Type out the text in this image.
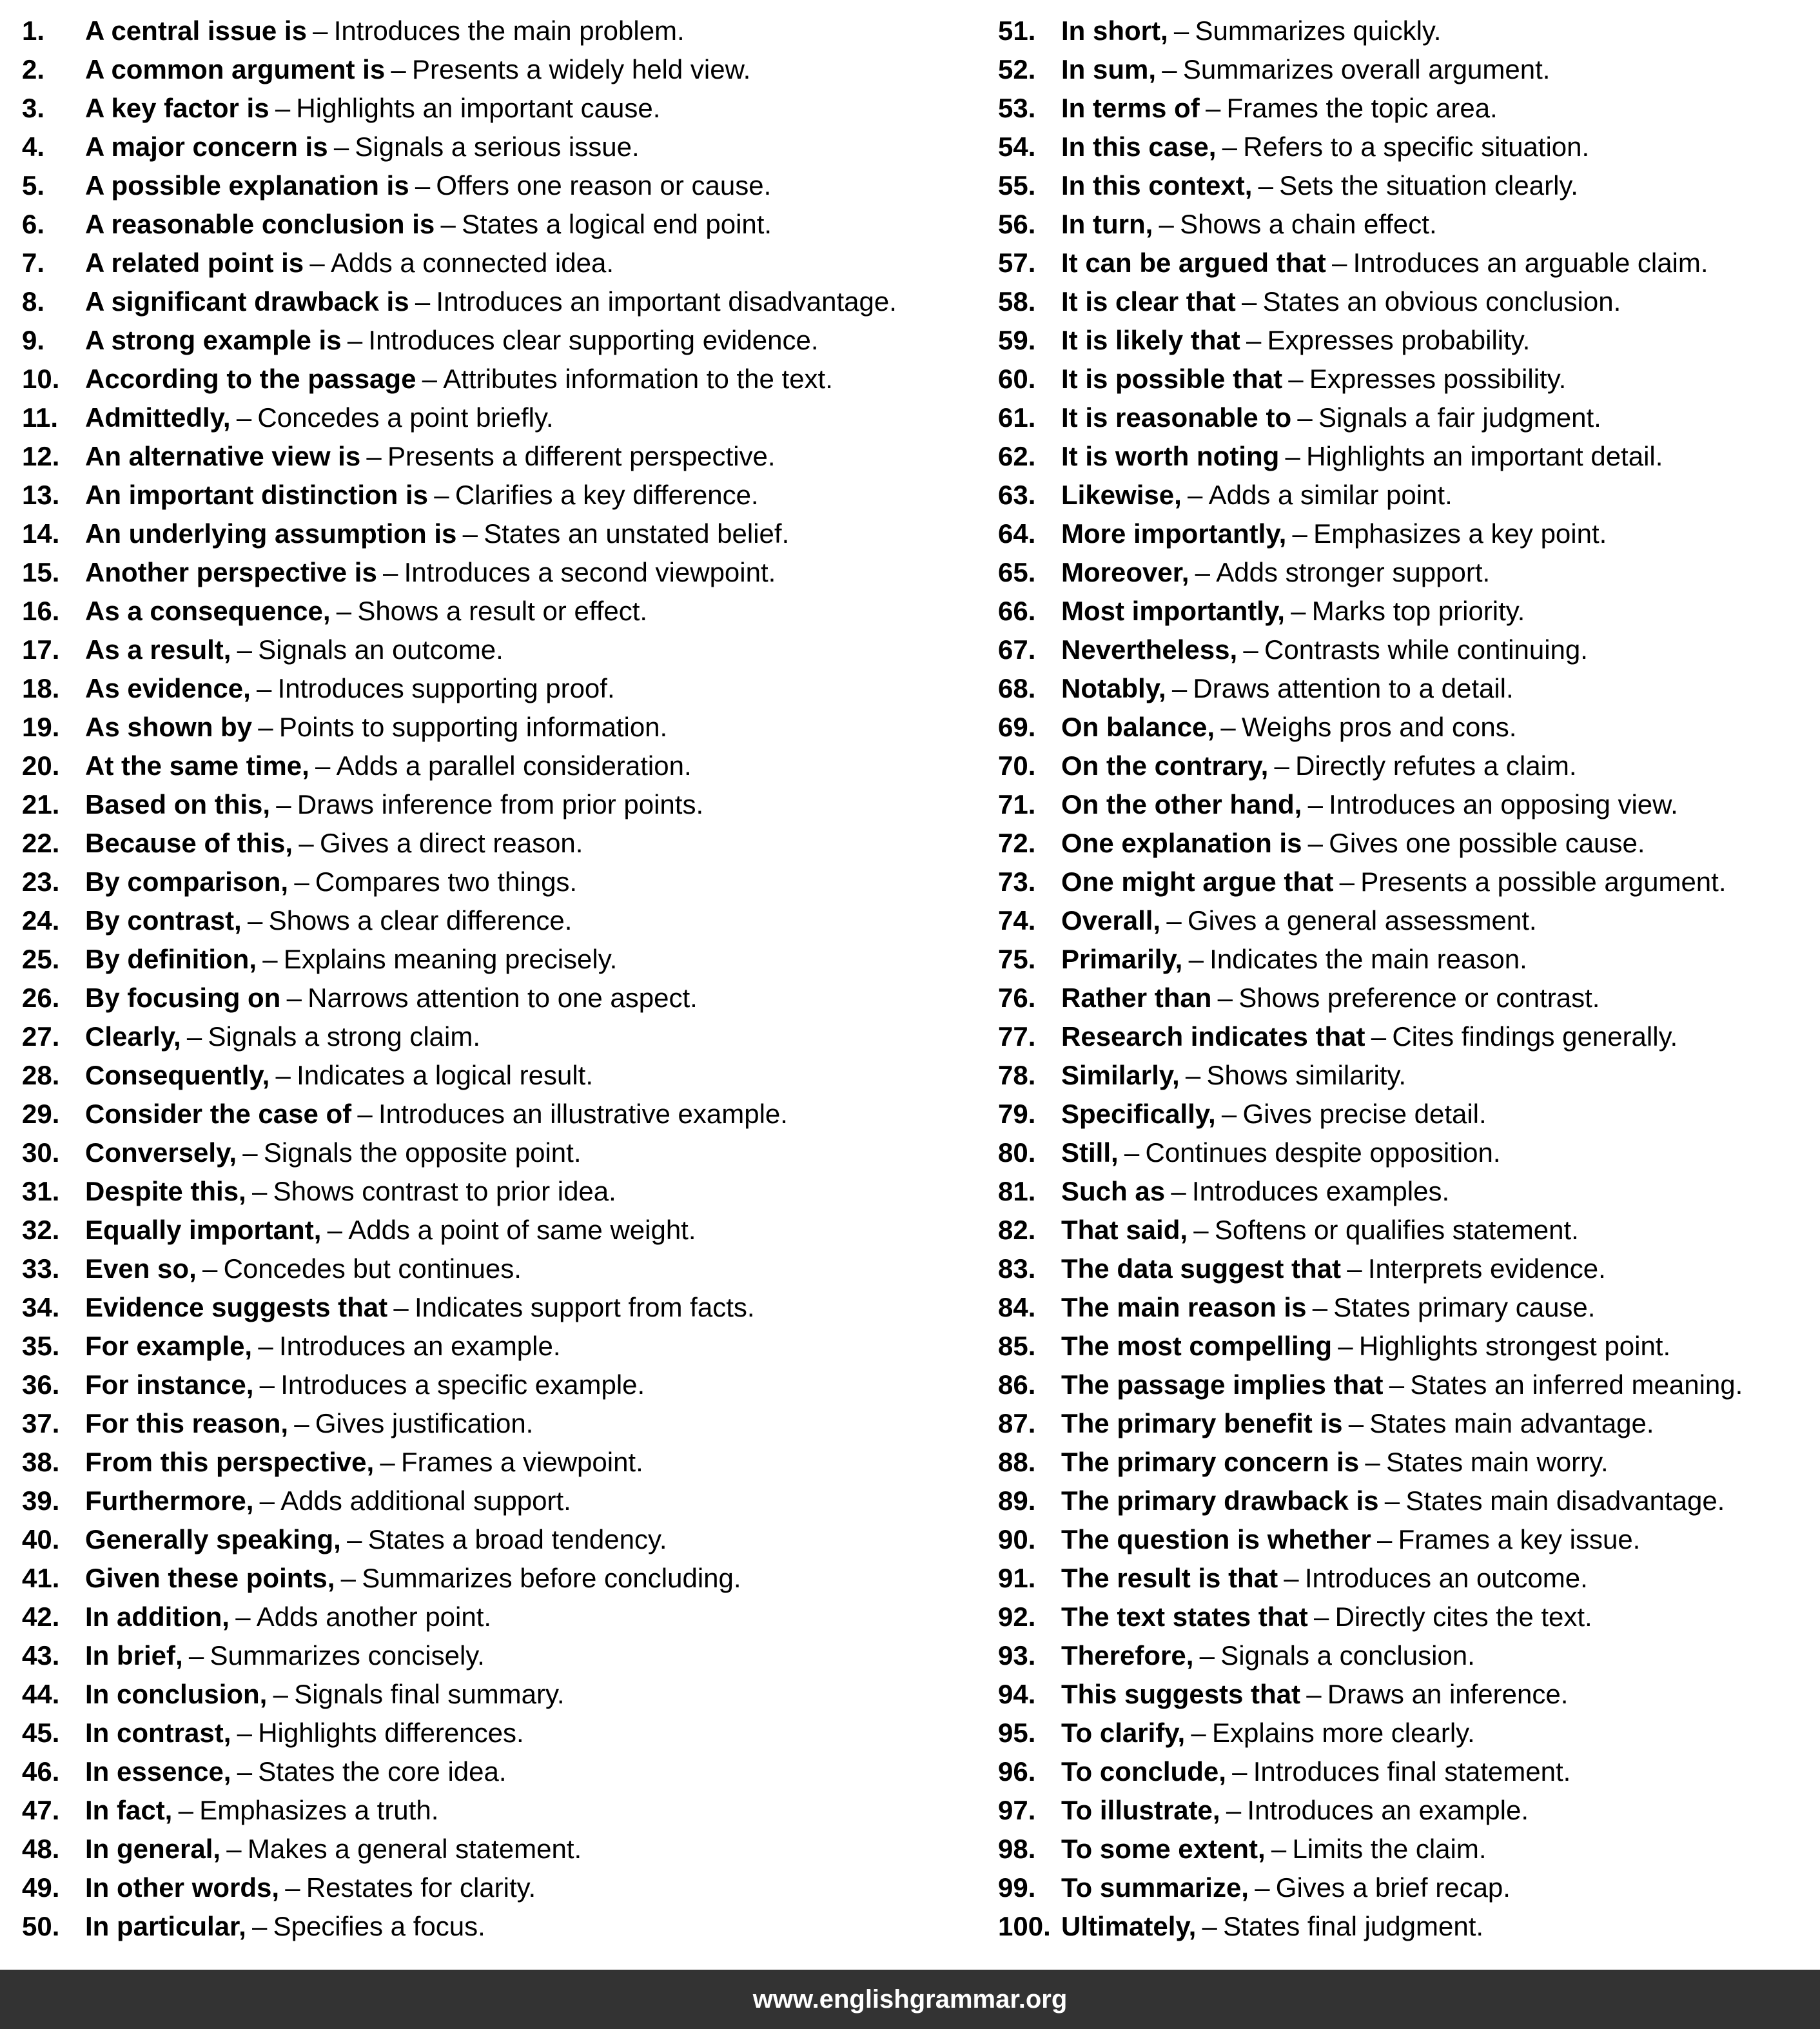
1.	A central issue is – Introduces the main problem.
2.	A common argument is – Presents a widely held view.
3.	A key factor is – Highlights an important cause.
4.	A major concern is – Signals a serious issue.
5.	A possible explanation is – Offers one reason or cause.
6.	A reasonable conclusion is – States a logical end point.
7.	A related point is – Adds a connected idea.
8.	A significant drawback is – Introduces an important disadvantage.
9.	A strong example is – Introduces clear supporting evidence.
10. According to the passage – Attributes information to the text.
11. Admittedly, – Concedes a point briefly.
12. An alternative view is – Presents a different perspective.
13. An important distinction is – Clarifies a key difference.
14. An underlying assumption is – States an unstated belief.
15. Another perspective is – Introduces a second viewpoint.
16. As a consequence, – Shows a result or effect.
17. As a result, – Signals an outcome.
18. As evidence, – Introduces supporting proof.
19. As shown by – Points to supporting information.
20. At the same time, – Adds a parallel consideration.
21. Based on this, – Draws inference from prior points.
22. Because of this, – Gives a direct reason.
23. By comparison, – Compares two things.
24. By contrast, – Shows a clear difference.
25. By definition, – Explains meaning precisely.
26. By focusing on – Narrows attention to one aspect.
27. Clearly, – Signals a strong claim.
28. Consequently, – Indicates a logical result.
29. Consider the case of – Introduces an illustrative example.
30. Conversely, – Signals the opposite point.
31. Despite this, – Shows contrast to prior idea.
32. Equally important, – Adds a point of same weight.
33. Even so, – Concedes but continues.
34. Evidence suggests that – Indicates support from facts.
35. For example, – Introduces an example.
36. For instance, – Introduces a specific example.
37. For this reason, – Gives justification.
38. From this perspective, – Frames a viewpoint.
39. Furthermore, – Adds additional support.
40. Generally speaking, – States a broad tendency.
41. Given these points, – Summarizes before concluding.
42. In addition, – Adds another point.
43. In brief, – Summarizes concisely.
44. In conclusion, – Signals final summary.
45. In contrast, – Highlights differences.
46. In essence, – States the core idea.
47. In fact, – Emphasizes a truth.
48. In general, – Makes a general statement.
49. In other words, – Restates for clarity.
50. In particular, – Specifies a focus.
51. In short, – Summarizes quickly.
52. In sum, – Summarizes overall argument.
53. In terms of – Frames the topic area.
54. In this case, – Refers to a specific situation.
55. In this context, – Sets the situation clearly.
56. In turn, – Shows a chain effect.
57. It can be argued that – Introduces an arguable claim.
58. It is clear that – States an obvious conclusion.
59. It is likely that – Expresses probability.
60. It is possible that – Expresses possibility.
61. It is reasonable to – Signals a fair judgment.
62. It is worth noting – Highlights an important detail.
63. Likewise, – Adds a similar point.
64. More importantly, – Emphasizes a key point.
65. Moreover, – Adds stronger support.
66. Most importantly, – Marks top priority.
67. Nevertheless, – Contrasts while continuing.
68. Notably, – Draws attention to a detail.
69. On balance, – Weighs pros and cons.
70. On the contrary, – Directly refutes a claim.
71. On the other hand, – Introduces an opposing view.
72. One explanation is – Gives one possible cause.
73. One might argue that – Presents a possible argument.
74. Overall, – Gives a general assessment.
75. Primarily, – Indicates the main reason.
76. Rather than – Shows preference or contrast.
77. Research indicates that – Cites findings generally.
78. Similarly, – Shows similarity.
79. Specifically, – Gives precise detail.
80. Still, – Continues despite opposition.
81. Such as – Introduces examples.
82. That said, – Softens or qualifies statement.
83. The data suggest that – Interprets evidence.
84. The main reason is – States primary cause.
85. The most compelling – Highlights strongest point.
86. The passage implies that – States an inferred meaning.
87. The primary benefit is – States main advantage.
88. The primary concern is – States main worry.
89. The primary drawback is – States main disadvantage.
90. The question is whether – Frames a key issue.
91. The result is that – Introduces an outcome.
92. The text states that – Directly cites the text.
93. Therefore, – Signals a conclusion.
94. This suggests that – Draws an inference.
95. To clarify, – Explains more clearly.
96. To conclude, – Introduces final statement.
97. To illustrate, – Introduces an example.
98. To some extent, – Limits the claim.
99. To summarize, – Gives a brief recap.
100. Ultimately, – States final judgment.
www.englishgrammar.org
